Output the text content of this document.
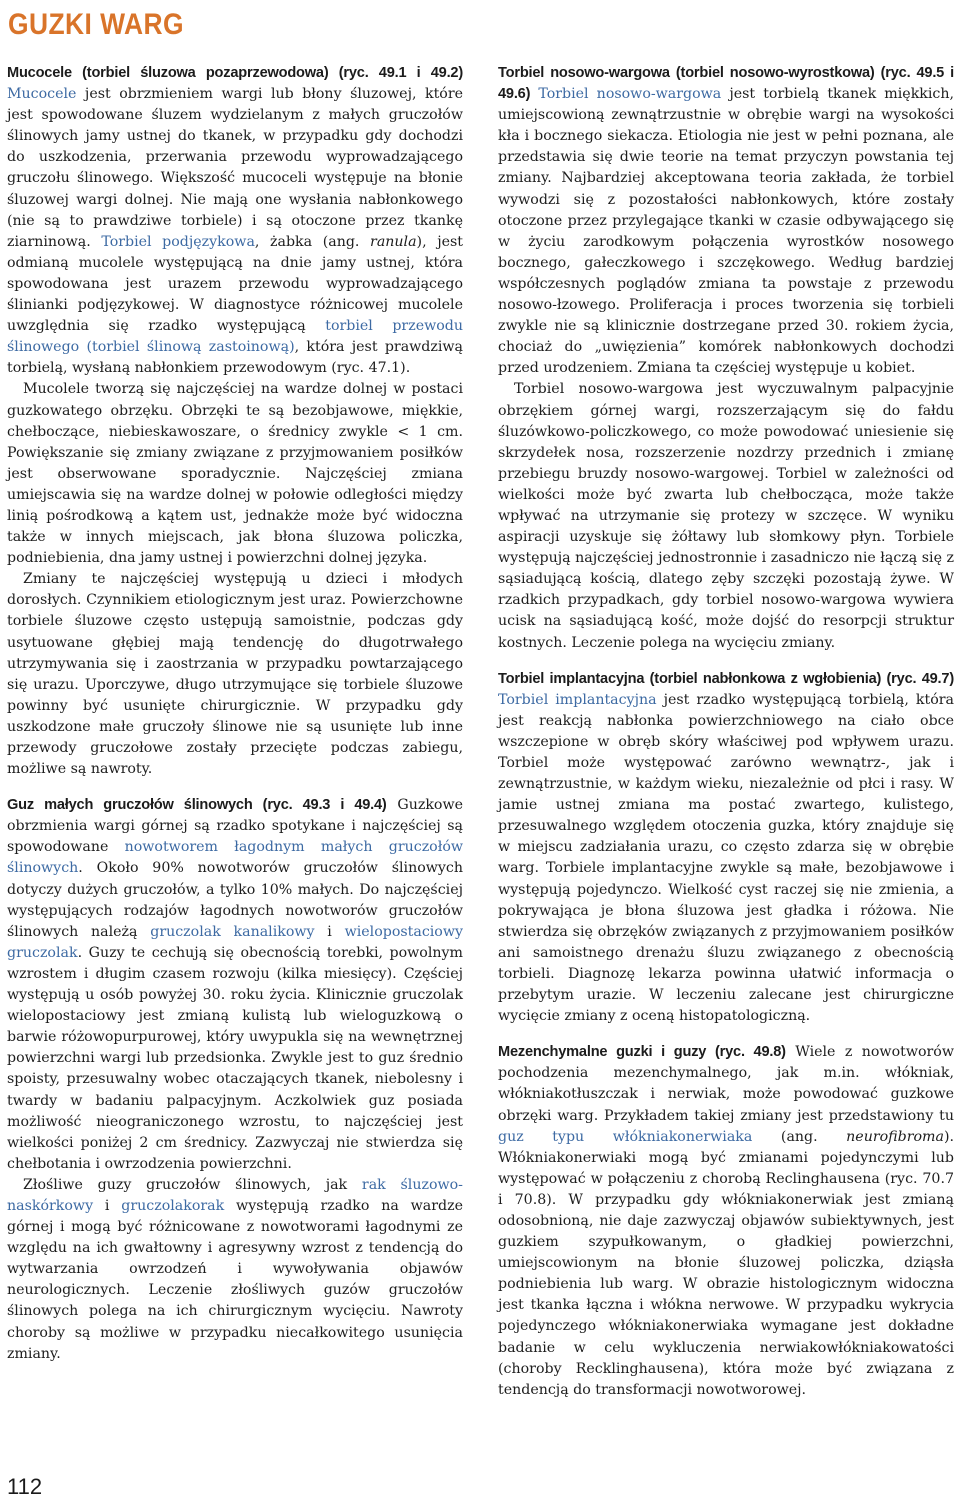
GUZKI WARG

Mucocele (torbiel śluzowa pozaprzewodowa) (ryc. 49.1 i 49.2) Mucocele jest obrzmieniem wargi lub błony śluzowej, które jest spowodowane śluzem wydzielanym z małych gruczołów ślinowych jamy ustnej do tkanek, w przypadku gdy dochodzi do uszkodzenia, przerwania przewodu wyprowadzającego gruczołu ślinowego. Większość mucoceli występuje na błonie śluzowej wargi dolnej. Nie mają one wysłania nabłonkowego (nie są to prawdziwe torbiele) i są otoczone przez tkankę ziarninową. Torbiel podjęzykowa, żabka (ang. ranula), jest odmianą mucolele występującą na dnie jamy ustnej, która spowodowana jest urazem przewodu wyprowadzającego ślinianki podjęzykowej. W diagnostyce różnicowej mucolele uwzględnia się rzadko występującą torbiel przewodu ślinowego (torbiel ślinową zastoinową), która jest prawdziwą torbielą, wysłaną nabłonkiem przewodowym (ryc. 47.1).

Mucolele tworzą się najczęściej na wardze dolnej w postaci guzkowatego obrzęku. Obrzęki te są bezobjawowe, miękkie, chełboczące, niebieskawoszare, o średnicy zwykle < 1 cm. Powiększanie się zmiany związane z przyjmowaniem posiłków jest obserwowane sporadycznie. Najczęściej zmiana umiejscawia się na wardze dolnej w połowie odległości między linią pośrodkową a kątem ust, jednakże może być widoczna także w innych miejscach, jak błona śluzowa policzka, podniebienia, dna jamy ustnej i powierzchni dolnej języka.

Zmiany te najczęściej występują u dzieci i młodych dorosłych. Czynnikiem etiologicznym jest uraz. Powierzchowne torbiele śluzowe często ustępują samoistnie, podczas gdy usytuowane głębiej mają tendencję do długotrwałego utrzymywania się i zaostrzania w przypadku powtarzającego się urazu. Uporczywe, długo utrzymujące się torbiele śluzowe powinny być usunięte chirurgicznie. W przypadku gdy uszkodzone małe gruczoły ślinowe nie są usunięte lub inne przewody gruczołowe zostały przecięte podczas zabiegu, możliwe są nawroty.

Guz małych gruczołów ślinowych (ryc. 49.3 i 49.4) Guzkowe obrzmienia wargi górnej są rzadko spotykane i najczęściej są spowodowane nowotworem łagodnym małych gruczołów ślinowych. Około 90% nowotworów gruczołów ślinowych dotyczy dużych gruczołów, a tylko 10% małych. Do najczęściej występujących rodzajów łagodnych nowotworów gruczołów ślinowych należą gruczolak kanalikowy i wielopostaciowy gruczolak. Guzy te cechują się obecnością torebki, powolnym wzrostem i długim czasem rozwoju (kilka miesięcy). Częściej występują u osób powyżej 30. roku życia. Klinicznie gruczolak wielopostaciowy jest zmianą kulistą lub wieloguzkową o barwie różowopurpurowej, który uwypukla się na wewnętrznej powierzchni wargi lub przedsionka. Zwykle jest to guz średnio spoisty, przesuwalny wobec otaczających tkanek, niebolesny i twardy w badaniu palpacyjnym. Aczkolwiek guz posiada możliwość nieograniczonego wzrostu, to najczęściej jest wielkości poniżej 2 cm średnicy. Zazwyczaj nie stwierdza się chełbotania i owrzodzenia powierzchni.

Złośliwe guzy gruczołów ślinowych, jak rak śluzowo-naskórkowy i gruczolakorak występują rzadko na wardze górnej i mogą być różnicowane z nowotworami łagodnymi ze względu na ich gwałtowny i agresywny wzrost z tendencją do wytwarzania owrzodzeń i wywoływania objawów neurologicznych. Leczenie złośliwych guzów gruczołów ślinowych polega na ich chirurgicznym wycięciu. Nawroty choroby są możliwe w przypadku niecałkowitego usunięcia zmiany.

Torbiel nosowo-wargowa (torbiel nosowo-wyrostkowa) (ryc. 49.5 i 49.6) Torbiel nosowo-wargowa jest torbielą tkanek miękkich, umiejscowioną zewnątrzustnie w obrębie wargi na wysokości kła i bocznego siekacza. Etiologia nie jest w pełni poznana, ale przedstawia się dwie teorie na temat przyczyn powstania tej zmiany. Najbardziej akceptowana teoria zakłada, że torbiel wywodzi się z pozostałości nabłonkowych, które zostały otoczone przez przylegające tkanki w czasie odbywającego się w życiu zarodkowym połączenia wyrostków nosowego bocznego, gałeczkowego i szczękowego. Według bardziej współczesnych poglądów zmiana ta powstaje z przewodu nosowo-łzowego. Proliferacja i proces tworzenia się torbieli zwykle nie są klinicznie dostrzegane przed 30. rokiem życia, chociaż do „uwięzienia” komórek nabłonkowych dochodzi przed urodzeniem. Zmiana ta częściej występuje u kobiet.

Torbiel nosowo-wargowa jest wyczuwalnym palpacyjnie obrzękiem górnej wargi, rozszerzającym się do fałdu śluzówkowo-policzkowego, co może powodować uniesienie się skrzydełek nosa, rozszerzenie nozdrzy przednich i zmianę przebiegu bruzdy nosowo-wargowej. Torbiel w zależności od wielkości może być zwarta lub chełbocząca, może także wpływać na utrzymanie się protezy w szczęce. W wyniku aspiracji uzyskuje się żółtawy lub słomkowy płyn. Torbiele występują najczęściej jednostronnie i zasadniczo nie łączą się z sąsiadującą kością, dlatego zęby szczęki pozostają żywe. W rzadkich przypadkach, gdy torbiel nosowo-wargowa wywiera ucisk na sąsiadującą kość, może dojść do resorpcji struktur kostnych. Leczenie polega na wycięciu zmiany.

Torbiel implantacyjna (torbiel nabłonkowa z wgłobienia) (ryc. 49.7) Torbiel implantacyjna jest rzadko występującą torbielą, która jest reakcją nabłonka powierzchniowego na ciało obce wszczepione w obręb skóry właściwej pod wpływem urazu. Torbiel może występować zarówno wewnątrz-, jak i zewnątrzustnie, w każdym wieku, niezależnie od płci i rasy. W jamie ustnej zmiana ma postać zwartego, kulistego, przesuwalnego względem otoczenia guzka, który znajduje się w miejscu zadziałania urazu, co często zdarza się w obrębie warg. Torbiele implantacyjne zwykle są małe, bezobjawowe i występują pojedynczo. Wielkość cyst raczej się nie zmienia, a pokrywająca je błona śluzowa jest gładka i różowa. Nie stwierdza się obrzęków związanych z przyjmowaniem posiłków ani samoistnego drenażu śluzu związanego z obecnością torbieli. Diagnozę lekarza powinna ułatwić informacja o przebytym urazie. W leczeniu zalecane jest chirurgiczne wycięcie zmiany z oceną histopatologiczną.

Mezenchymalne guzki i guzy (ryc. 49.8) Wiele z nowotworów pochodzenia mezenchymalnego, jak m.in. włókniak, włókniakotłuszczak i nerwiak, może powodować guzkowe obrzęki warg. Przykładem takiej zmiany jest przedstawiony tu guz typu włókniakonerwiaka (ang. neurofibroma). Włókniakonerwiaki mogą być zmianami pojedynczymi lub występować w połączeniu z chorobą Reclinghausena (ryc. 70.7 i 70.8). W przypadku gdy włókniakonerwiak jest zmianą odosobnioną, nie daje zazwyczaj objawów subiektywnych, jest guzkiem szypułkowanym, o gładkiej powierzchni, umiejscowionym na błonie śluzowej policzka, dziąsła podniebienia lub warg. W obrazie histologicznym widoczna jest tkanka łączna i włókna nerwowe. W przypadku wykrycia pojedynczego włókniakonerwiaka wymagane jest dokładne badanie w celu wykluczenia nerwiakowłókniakowatości (choroby Recklinghausena), która może być związana z tendencją do transformacji nowotworowej.

112
